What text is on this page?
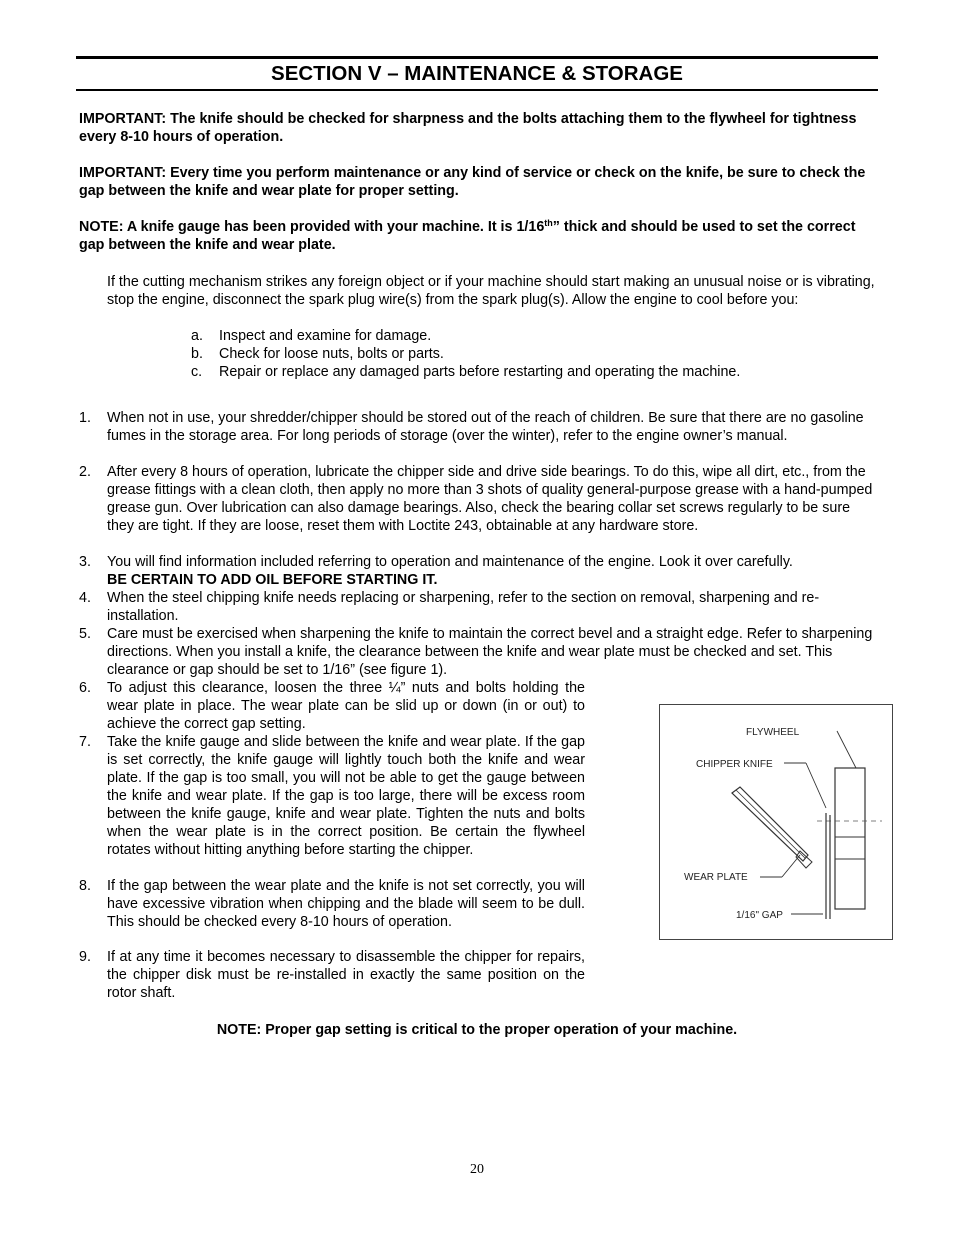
SECTION V – MAINTENANCE & STORAGE

IMPORTANT: The knife should be checked for sharpness and the bolts attaching them to the flywheel for tightness every 8-10 hours of operation.

IMPORTANT: Every time you perform maintenance or any kind of service or check on the knife, be sure to check the gap between the knife and wear plate for proper setting.

NOTE: A knife gauge has been provided with your machine. It is 1/16th” thick and should be used to set the correct gap between the knife and wear plate.

If the cutting mechanism strikes any foreign object or if your machine should start making an unusual noise or is vibrating, stop the engine, disconnect the spark plug wire(s) from the spark plug(s). Allow the engine to cool before you:

a. Inspect and examine for damage.
b. Check for loose nuts, bolts or parts.
c. Repair or replace any damaged parts before restarting and operating the machine.
1.	When not in use, your shredder/chipper should be stored out of the reach of children. Be sure that there are no gasoline fumes in the storage area. For long periods of storage (over the winter), refer to the engine owner’s manual.

2.	After every 8 hours of operation, lubricate the chipper side and drive side bearings. To do this, wipe all dirt, etc., from the grease fittings with a clean cloth, then apply no more than 3 shots of quality general-purpose grease with a hand-pumped grease gun. Over lubrication can also damage bearings. Also, check the bearing collar set screws regularly to be sure they are tight. If they are loose, reset them with Loctite 243, obtainable at any hardware store.

3.	You will find information included referring to operation and maintenance of the engine. Look it over carefully.
BE CERTAIN TO ADD OIL BEFORE STARTING IT.

4.	When the steel chipping knife needs replacing or sharpening, refer to the section on removal, sharpening and re-installation.

5.	Care must be exercised when sharpening the knife to maintain the correct bevel and a straight edge. Refer to sharpening directions. When you install a knife, the clearance between the knife and wear plate must be checked and set. This clearance or gap should be set to 1/16” (see figure 1).

6.	To adjust this clearance, loosen the three ¼” nuts and bolts holding the wear plate in place. The wear plate can be slid up or down (in or out) to achieve the correct gap setting.

7.	Take the knife gauge and slide between the knife and wear plate. If the gap is set correctly, the knife gauge will lightly touch both the knife and wear plate. If the gap is too small, you will not be able to get the gauge between the knife and wear plate. If the gap is too large, there will be excess room between the knife gauge, knife and wear plate. Tighten the nuts and bolts when the wear plate is in the correct position. Be certain the flywheel rotates without hitting anything before starting the chipper.

8.	If the gap between the wear plate and the knife is not set correctly, you will have excessive vibration when chipping and the blade will seem to be dull. This should be checked every 8-10 hours of operation.

9.	If at any time it becomes necessary to disassemble the chipper for repairs, the chipper disk must be re-installed in exactly the same position on the rotor shaft.

FLYWHEEL
CHIPPER KNIFE
WEAR PLATE
1/16" GAP
NOTE: Proper gap setting is critical to the proper operation of your machine.
20
